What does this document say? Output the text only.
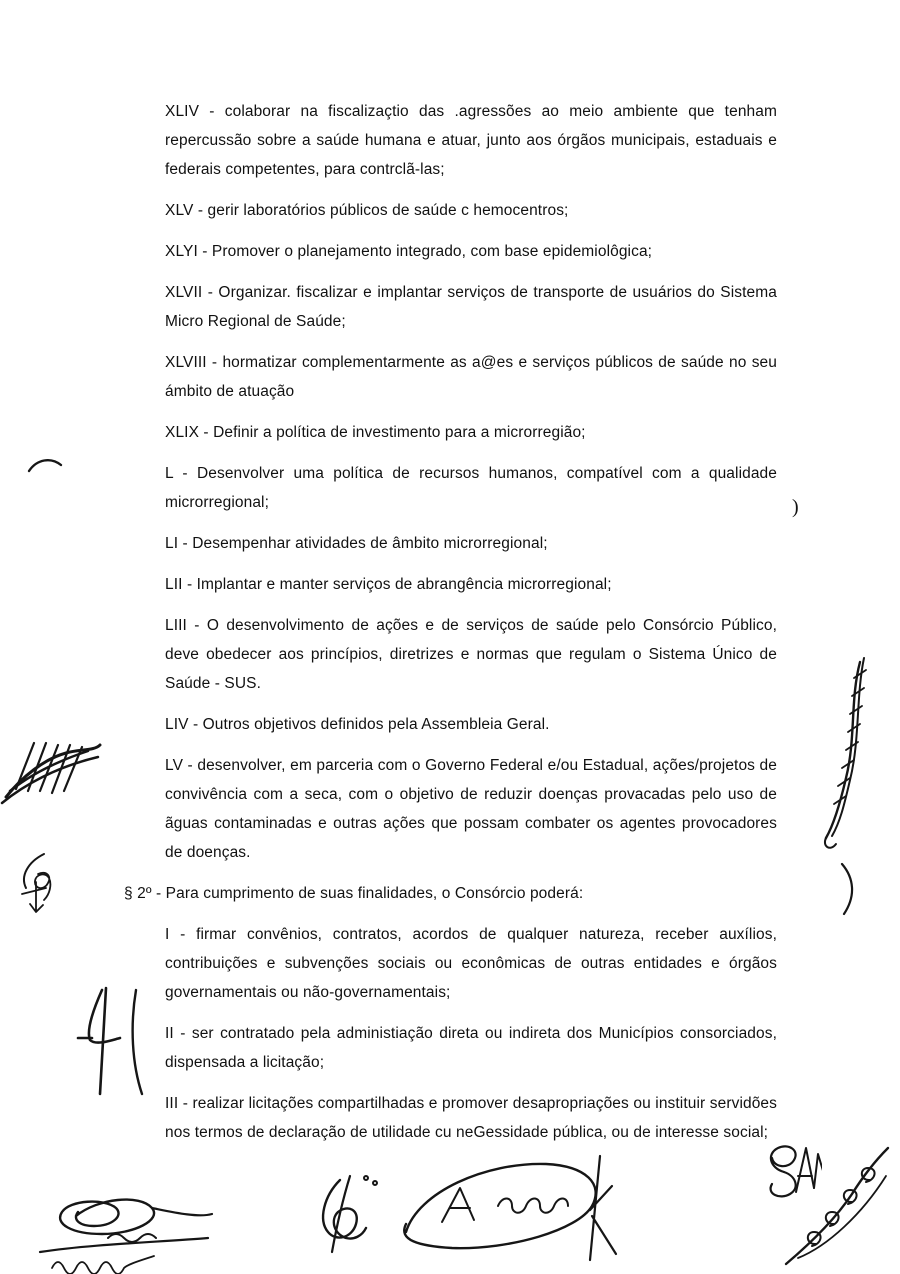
XLIV - colaborar na fiscalizaçtio das .agressões ao meio ambiente que tenham repercussão sobre a saúde humana e atuar, junto aos órgãos municipais, estaduais e federais competentes, para contrclã-las;

XLV - gerir laboratórios públicos de saúde c hemocentros;

XLYI - Promover o planejamento integrado, com base epidemiolôgica;

XLVII - Organizar. fiscalizar e implantar serviços de transporte de usuários do Sistema Micro Regional de Saúde;

XLVIII - hormatizar complementarmente as a@es e serviços públicos de saúde no seu ámbito de atuação

XLIX - Definir a política de investimento para a microrregião;

L - Desenvolver uma política de recursos humanos, compatível com a qualidade microrregional;

LI - Desempenhar atividades de âmbito microrregional;

LII - Implantar e manter serviços de abrangência microrregional;

LIII - O desenvolvimento de ações e de serviços de saúde pelo Consórcio Público, deve obedecer aos princípios, diretrizes e normas que regulam o Sistema Único de Saúde - SUS.

LIV - Outros objetivos definidos pela Assembleia Geral.

LV - desenvolver, em parceria com o Governo Federal e/ou Estadual, ações/projetos de convivência com a seca, com o objetivo de reduzir doenças provacadas pelo uso de ãguas contaminadas e outras ações que possam combater os agentes provocadores de doenças.

§ 2º - Para cumprimento de suas finalidades, o Consórcio poderá:

I - firmar convênios, contratos, acordos de qualquer natureza, receber auxílios, contribuições e subvenções sociais ou econômicas de outras entidades e órgãos governamentais ou não-governamentais;

II - ser contratado pela administiação direta ou indireta dos Municípios consorciados, dispensada a licitação;

III - realizar licitações compartilhadas e promover desapropriações ou instituir servidões nos termos de declaração de utilidade cu neGessidade pública, ou de interesse social;

)
